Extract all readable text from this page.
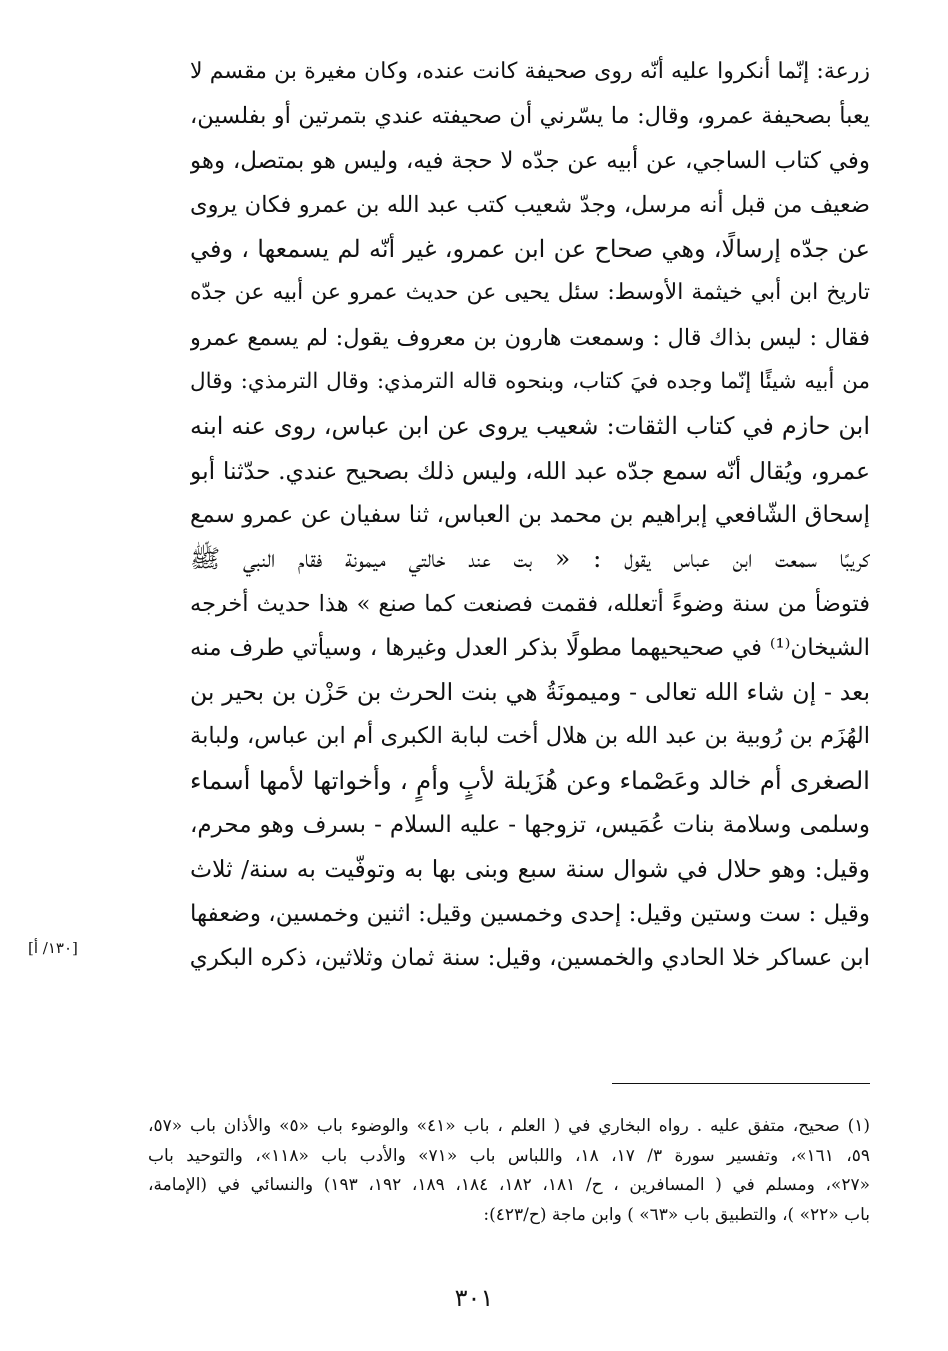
زرعة: إنّما أنكروا عليه أنّه روى صحيفة كانت عنده، وكان مغيرة بن مقسم لا
يعبأ بصحيفة عمرو، وقال: ما يسّرني أن صحيفته عندي بتمرتين أو بفلسين،
وفي كتاب الساجي، عن أبيه عن جدّه لا حجة فيه، وليس هو بمتصل، وهو
ضعيف من قبل أنه مرسل، وجدّ شعيب كتب عبد الله بن عمرو فكان يروى
عن جدّه إرسالًا، وهي صحاح عن ابن عمرو، غير أنّه لم يسمعها ، وفي
تاريخ ابن أبي خيثمة الأوسط: سئل يحيى عن حديث عمرو عن أبيه عن جدّه
فقال : ليس بذاك قال : وسمعت هارون بن معروف يقول: لم يسمع عمرو
من أبيه شيئًا إنّما وجده فيَ كتاب، وبنحوه قاله الترمذي: وقال الترمذي: وقال
ابن حازم في كتاب الثقات: شعيب يروى عن ابن عباس، روى عنه ابنه
عمرو، ويُقال أنّه سمع جدّه عبد الله، وليس ذلك بصحيح عندي. حدّثنا أبو
إسحاق الشّافعي إبراهيم بن محمد بن العباس، ثنا سفيان عن عمرو سمع
كريبًا سمعت ابن عباس يقول : « بت عند خالتي ميمونة فقام النبي ﷺ
فتوضأ من سنة وضوءً أتعلله، فقمت فصنعت كما صنع » هذا حديث أخرجه
الشيخان⁽¹⁾ في صحيحيهما مطولًا بذكر العدل وغيرها ، وسيأتي طرف منه
بعد - إن شاء الله تعالى - وميمونَةُ هي بنت الحرث بن حَزْن بن بحير بن
الهُزَم بن رُوبية بن عبد الله بن هلال أخت لبابة الكبرى أم ابن عباس، ولبابة
الصغرى أم خالد وعَصْماء وعن هُزَيلة لأبٍ وأمٍ ، وأخواتها لأمها أسماء
وسلمى وسلامة بنات عُمَيس، تزوجها - عليه السلام - بسرف وهو محرم،
وقيل: وهو حلال في شوال سنة سبع وبنى بها به وتوفّيت به سنة/ ثلاث
وقيل : ست وستين وقيل: إحدى وخمسين وقيل: اثنين وخمسين، وضعفها
ابن عساكر خلا الحادي والخمسين، وقيل: سنة ثمان وثلاثين، ذكره البكري
[١٣٠/ أ]
(١) صحيح، متفق عليه . رواه البخاري في ( العلم ، باب «٤١» والوضوء باب «٥» والأذان باب «٥٧،
٥٩، ١٦١»، وتفسير سورة ٣/ ١٧، ١٨، واللباس باب «٧١» والأدب باب «١١٨»، والتوحيد باب
«٢٧»، ومسلم في ( المسافرين ، ح/ ١٨١، ١٨٢، ١٨٤، ١٨٩، ١٩٢، ١٩٣) والنسائي في (الإمامة،
باب «٢٢» )، والتطبيق باب «٦٣» ) وابن ماجة (ح/٤٢٣):
٣٠١
